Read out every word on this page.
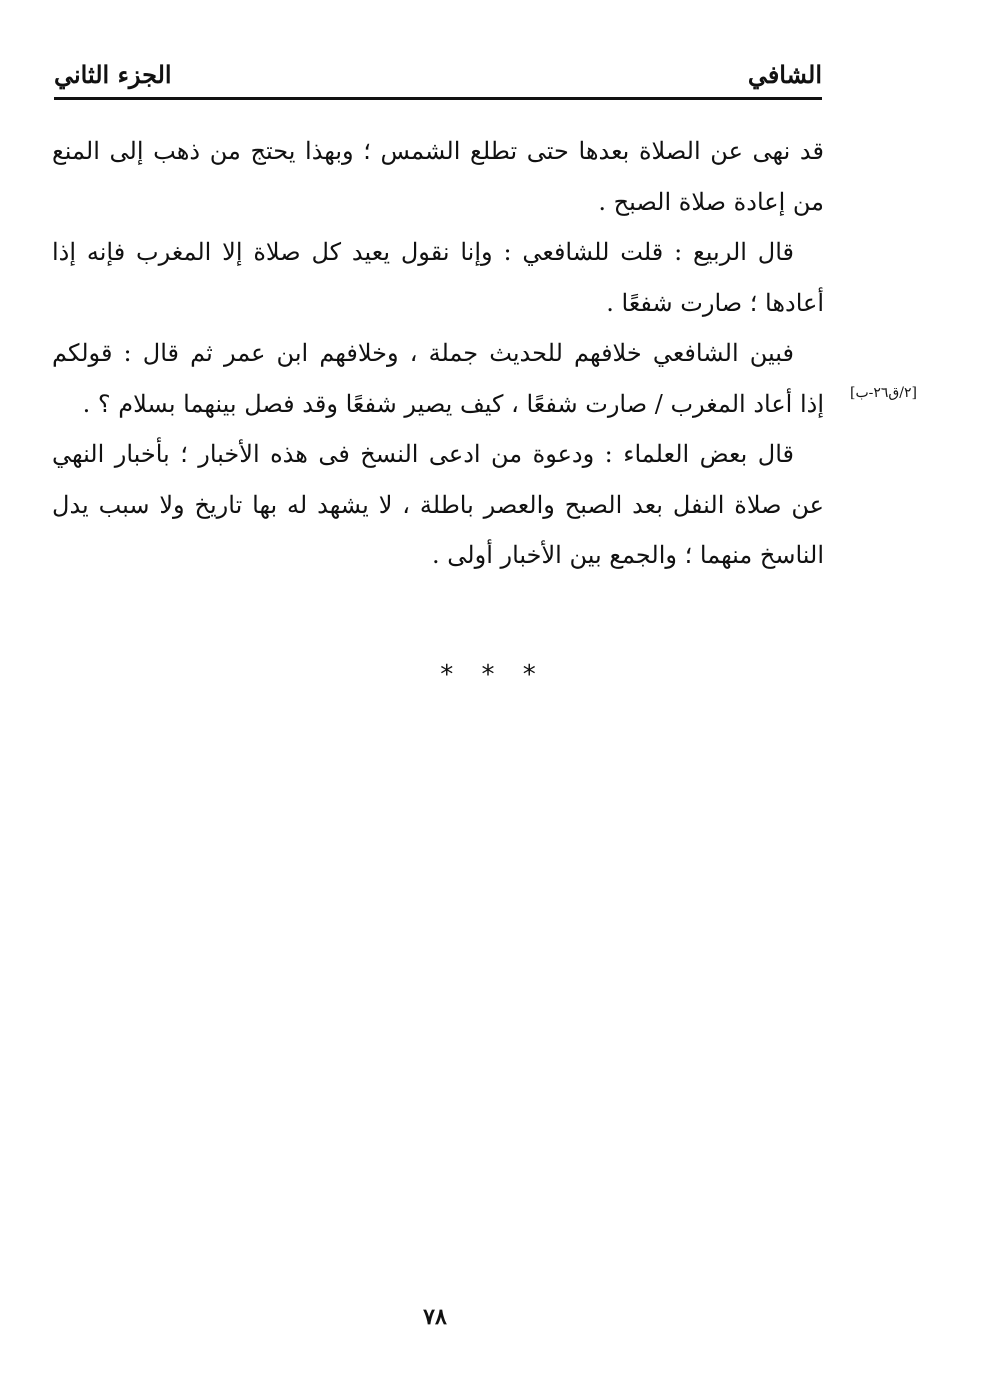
الشافي
الجزء الثاني
قد نهى عن الصلاة بعدها حتى تطلع الشمس ؛ وبهذا يحتج من ذهب إلى المنع
من إعادة صلاة الصبح .
قال الربيع : قلت للشافعي : وإنا نقول يعيد كل صلاة إلا المغرب فإنه إذا
أعادها ؛ صارت شفعًا .
فبين الشافعي خلافهم للحديث جملة ، وخلافهم ابن عمر ثم قال : قولكم
إذا أعاد المغرب / صارت شفعًا ، كيف يصير شفعًا وقد فصل بينهما بسلام ؟ .
قال بعض العلماء : ودعوة من ادعى النسخ فى هذه الأخبار ؛ بأخبار النهي
عن صلاة النفل بعد الصبح والعصر باطلة ، لا يشهد له بها تاريخ ولا سبب يدل
الناسخ منهما ؛ والجمع بين الأخبار أولى .
[٢/ق٢٦-ب]
* * *
٧٨
